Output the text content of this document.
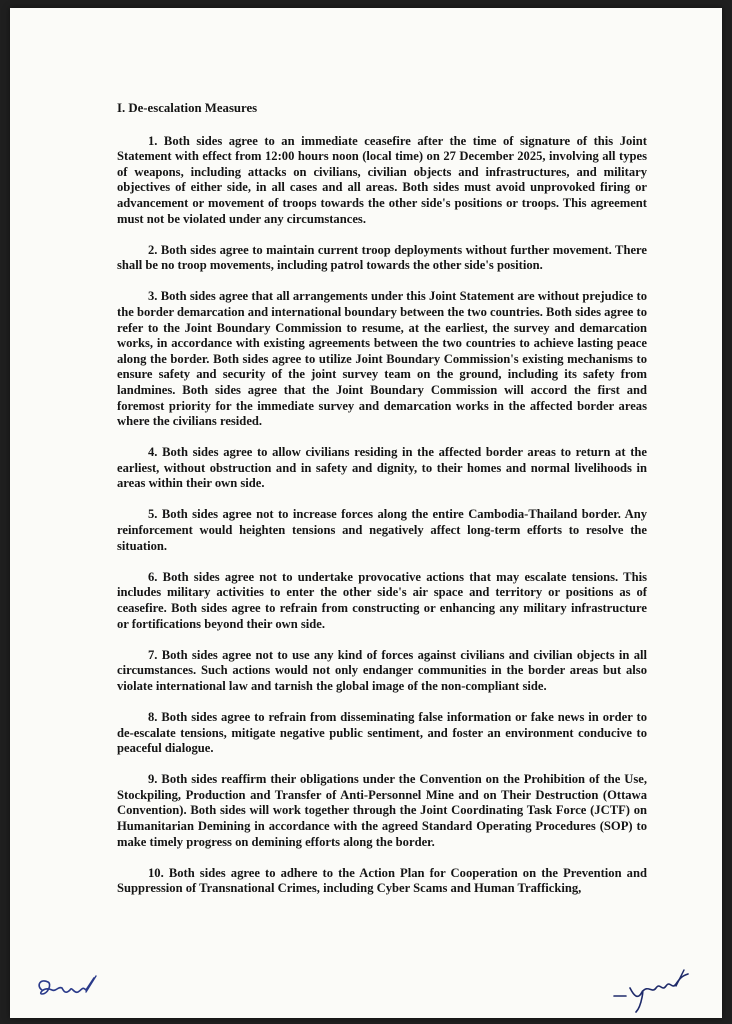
I. De-escalation Measures

1. Both sides agree to an immediate ceasefire after the time of signature of this Joint Statement with effect from 12:00 hours noon (local time) on 27 December 2025, involving all types of weapons, including attacks on civilians, civilian objects and infrastructures, and military objectives of either side, in all cases and all areas. Both sides must avoid unprovoked firing or advancement or movement of troops towards the other side's positions or troops. This agreement must not be violated under any circumstances.

2. Both sides agree to maintain current troop deployments without further movement. There shall be no troop movements, including patrol towards the other side's position.

3. Both sides agree that all arrangements under this Joint Statement are without prejudice to the border demarcation and international boundary between the two countries. Both sides agree to refer to the Joint Boundary Commission to resume, at the earliest, the survey and demarcation works, in accordance with existing agreements between the two countries to achieve lasting peace along the border. Both sides agree to utilize Joint Boundary Commission's existing mechanisms to ensure safety and security of the joint survey team on the ground, including its safety from landmines. Both sides agree that the Joint Boundary Commission will accord the first and foremost priority for the immediate survey and demarcation works in the affected border areas where the civilians resided.

4. Both sides agree to allow civilians residing in the affected border areas to return at the earliest, without obstruction and in safety and dignity, to their homes and normal livelihoods in areas within their own side.

5. Both sides agree not to increase forces along the entire Cambodia-Thailand border. Any reinforcement would heighten tensions and negatively affect long-term efforts to resolve the situation.

6. Both sides agree not to undertake provocative actions that may escalate tensions. This includes military activities to enter the other side's air space and territory or positions as of ceasefire. Both sides agree to refrain from constructing or enhancing any military infrastructure or fortifications beyond their own side.

7. Both sides agree not to use any kind of forces against civilians and civilian objects in all circumstances. Such actions would not only endanger communities in the border areas but also violate international law and tarnish the global image of the non-compliant side.

8. Both sides agree to refrain from disseminating false information or fake news in order to de-escalate tensions, mitigate negative public sentiment, and foster an environment conducive to peaceful dialogue.

9. Both sides reaffirm their obligations under the Convention on the Prohibition of the Use, Stockpiling, Production and Transfer of Anti-Personnel Mine and on Their Destruction (Ottawa Convention). Both sides will work together through the Joint Coordinating Task Force (JCTF) on Humanitarian Demining in accordance with the agreed Standard Operating Procedures (SOP) to make timely progress on demining efforts along the border.

10. Both sides agree to adhere to the Action Plan for Cooperation on the Prevention and Suppression of Transnational Crimes, including Cyber Scams and Human Trafficking,
